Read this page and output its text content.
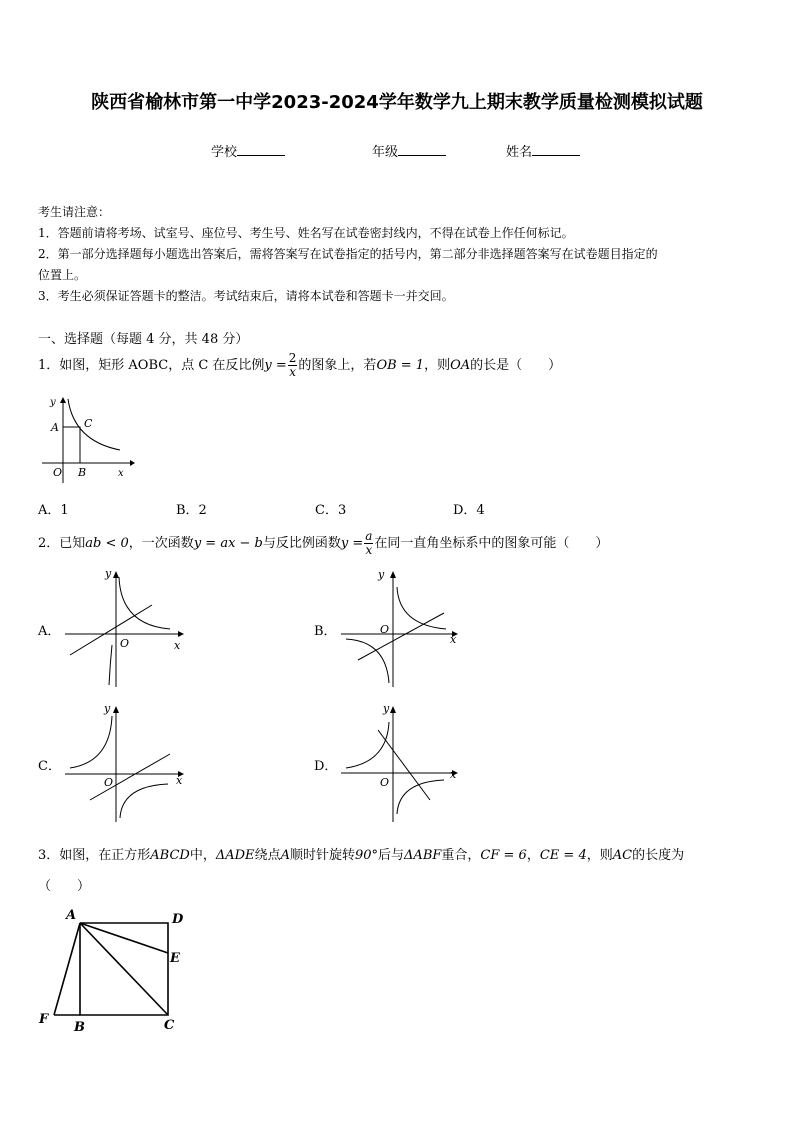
陕西省榆林市第一中学2023-2024学年数学九上期末教学质量检测模拟试题
学校	年级	姓名
考生请注意：
1．答题前请将考场、试室号、座位号、考生号、姓名写在试卷密封线内，不得在试卷上作任何标记。
2．第一部分选择题每小题选出答案后，需将答案写在试卷指定的括号内，第二部分非选择题答案写在试卷题目指定的
位置上。
3．考生必须保证答题卡的整洁。考试结束后，请将本试卷和答题卡一并交回。
一、选择题（每题 4 分，共 48 分）
1．如图，矩形 AOBC，点 C 在反比例$y = \frac{2}{x}$ 的图象上，若OB = 1，则OA的长是（　　）
y
A C
O B	x
A．1	B．2	C．3	D．4
2．已知ab < 0，一次函数y = ax − b与反比例函数$y = \frac{a}{x}$ 在同一直角坐标系中的图象可能（　　）
A．
y
O	x
B．
y
O
x
C．
y
O	x
D．
y
O
x
3．如图，在正方形ABCD中，ΔADE绕点A顺时针旋转90°后与ΔABF重合，CF = 6，CE = 4，则AC的长度为
（　　）
A	D
E
F
B	C
